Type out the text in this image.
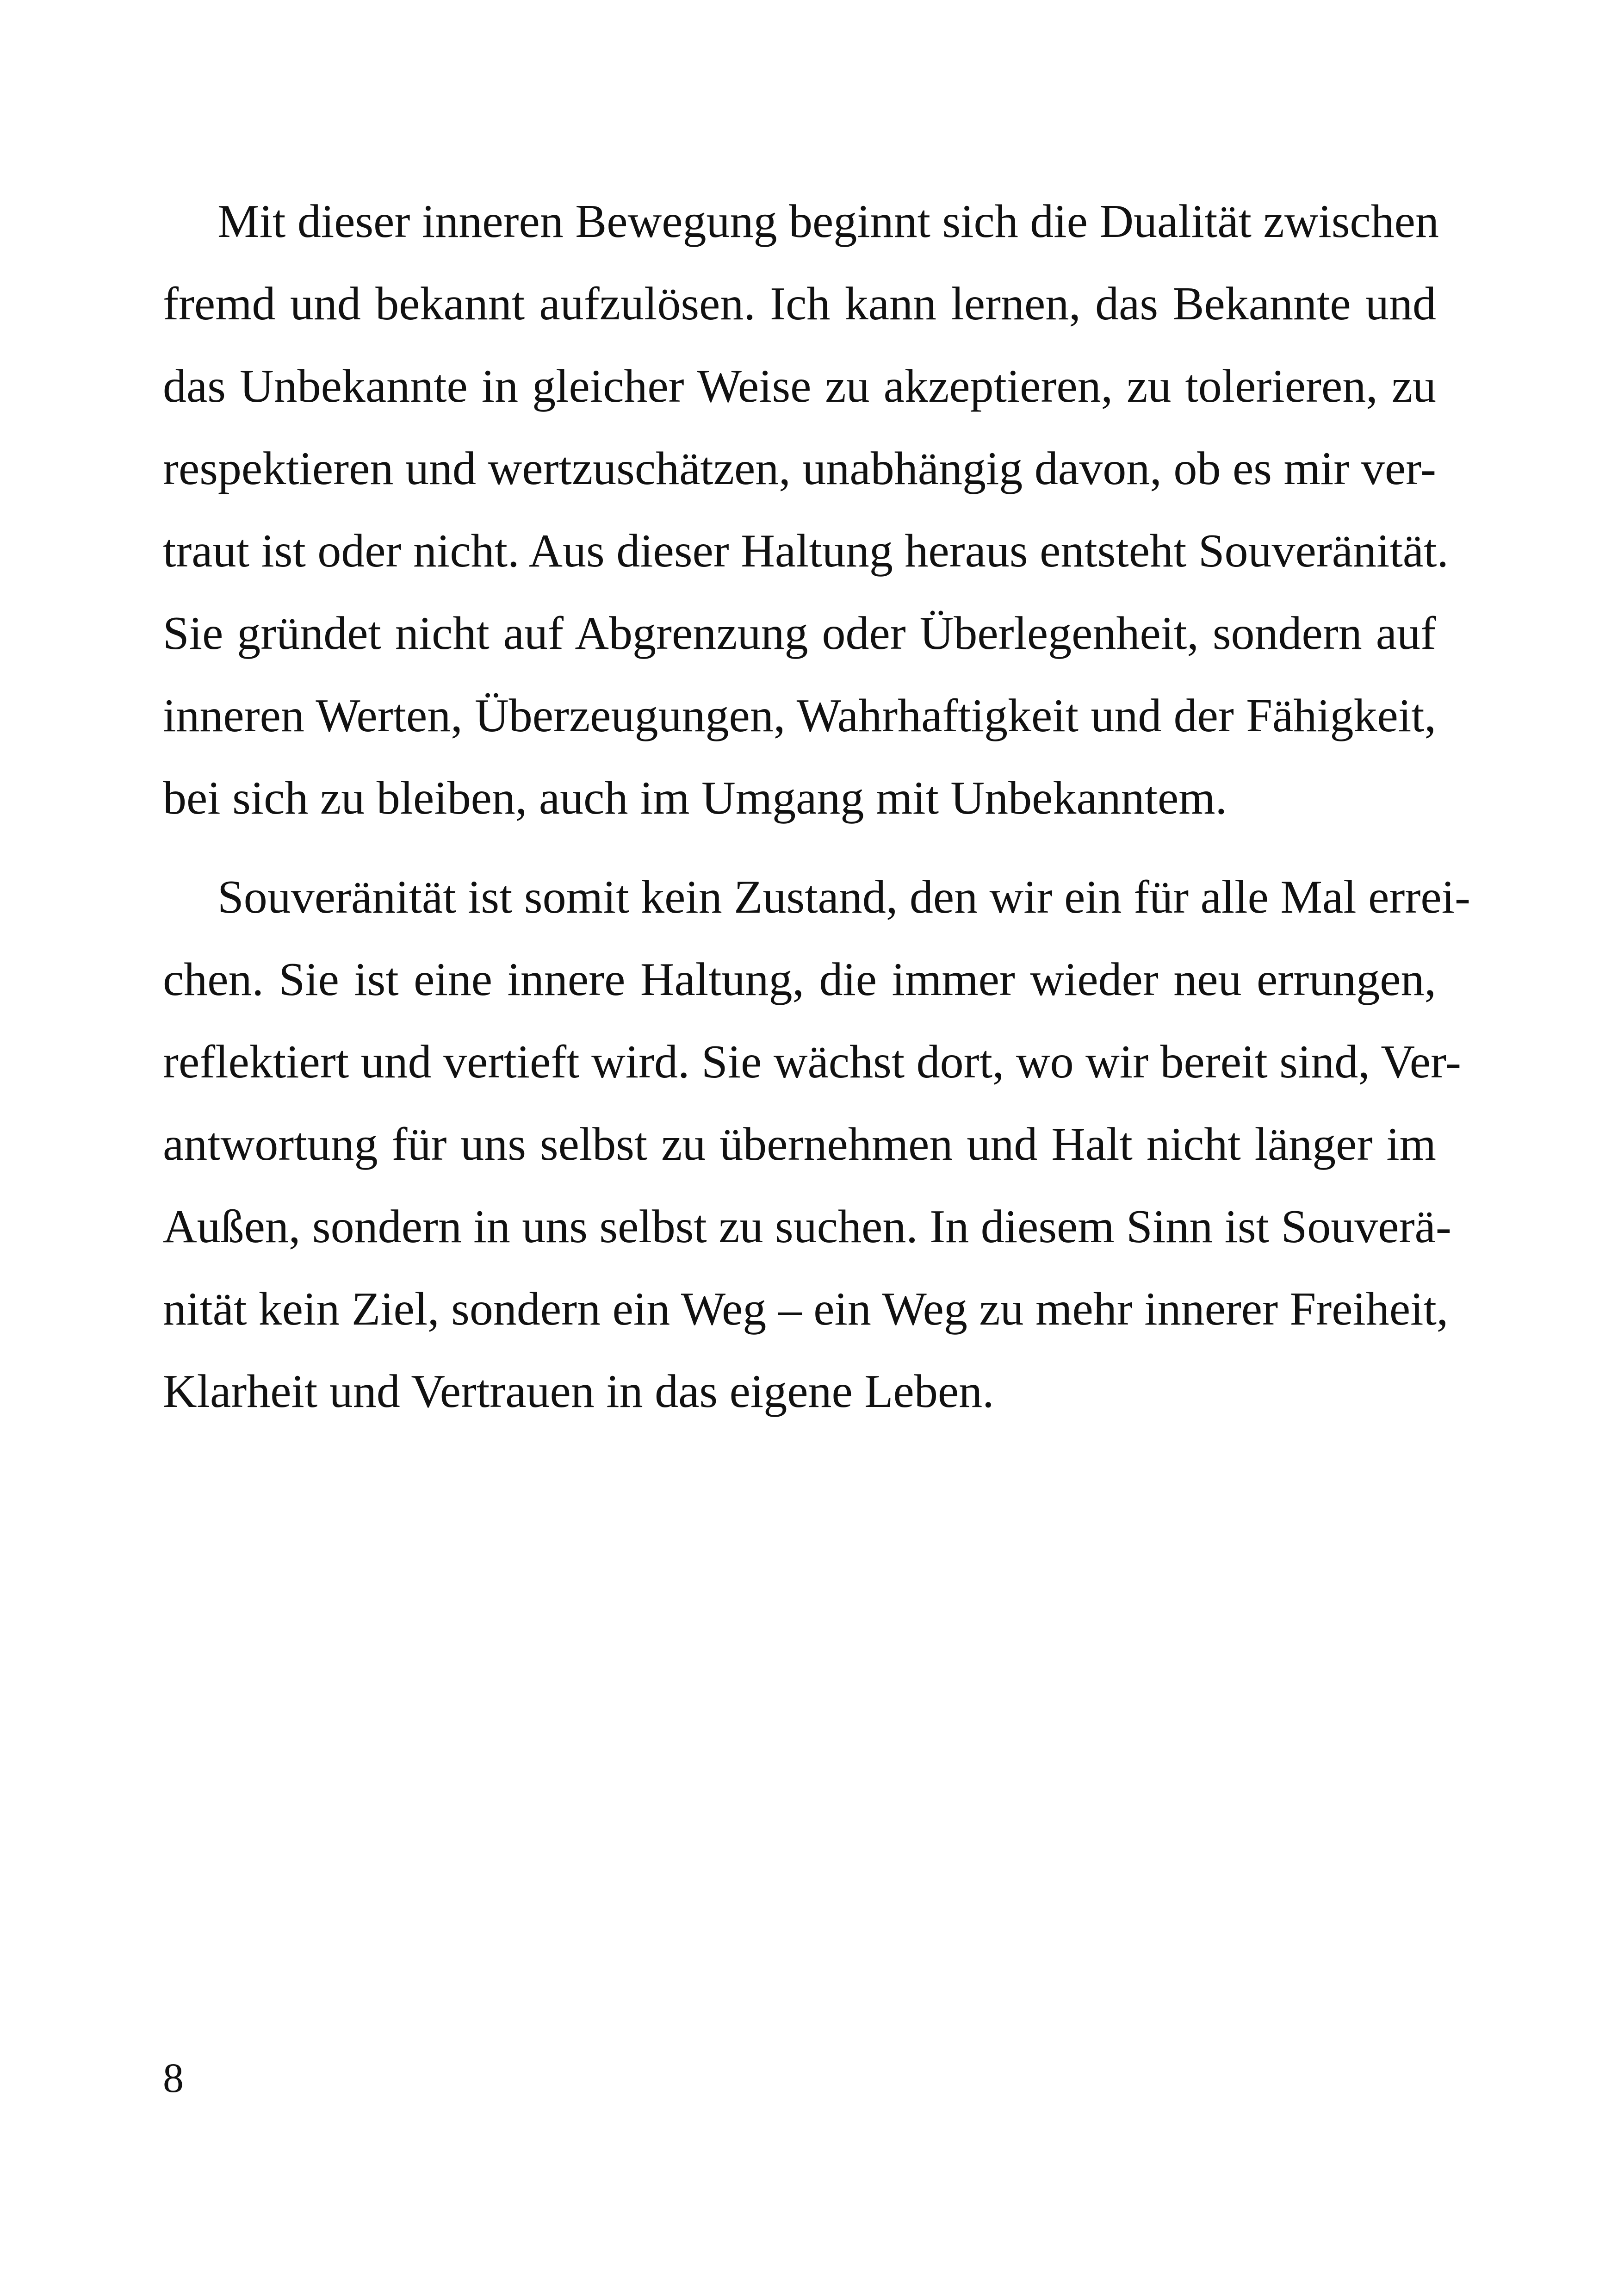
Mit dieser inneren Bewegung beginnt sich die Dualität zwischen
fremd und bekannt aufzulösen. Ich kann lernen, das Bekannte und
das Unbekannte in gleicher Weise zu akzeptieren, zu tolerieren, zu
respektieren und wertzuschätzen, unabhängig davon, ob es mir ver-
traut ist oder nicht. Aus dieser Haltung heraus entsteht Souveränität.
Sie gründet nicht auf Abgrenzung oder Überlegenheit, sondern auf
inneren Werten, Überzeugungen, Wahrhaftigkeit und der Fähigkeit,
bei sich zu bleiben, auch im Umgang mit Unbekanntem.
Souveränität ist somit kein Zustand, den wir ein für alle Mal errei-
chen. Sie ist eine innere Haltung, die immer wieder neu errungen,
reflektiert und vertieft wird. Sie wächst dort, wo wir bereit sind, Ver-
antwortung für uns selbst zu übernehmen und Halt nicht länger im
Außen, sondern in uns selbst zu suchen. In diesem Sinn ist Souverä-
nität kein Ziel, sondern ein Weg – ein Weg zu mehr innerer Freiheit,
Klarheit und Vertrauen in das eigene Leben.
8
